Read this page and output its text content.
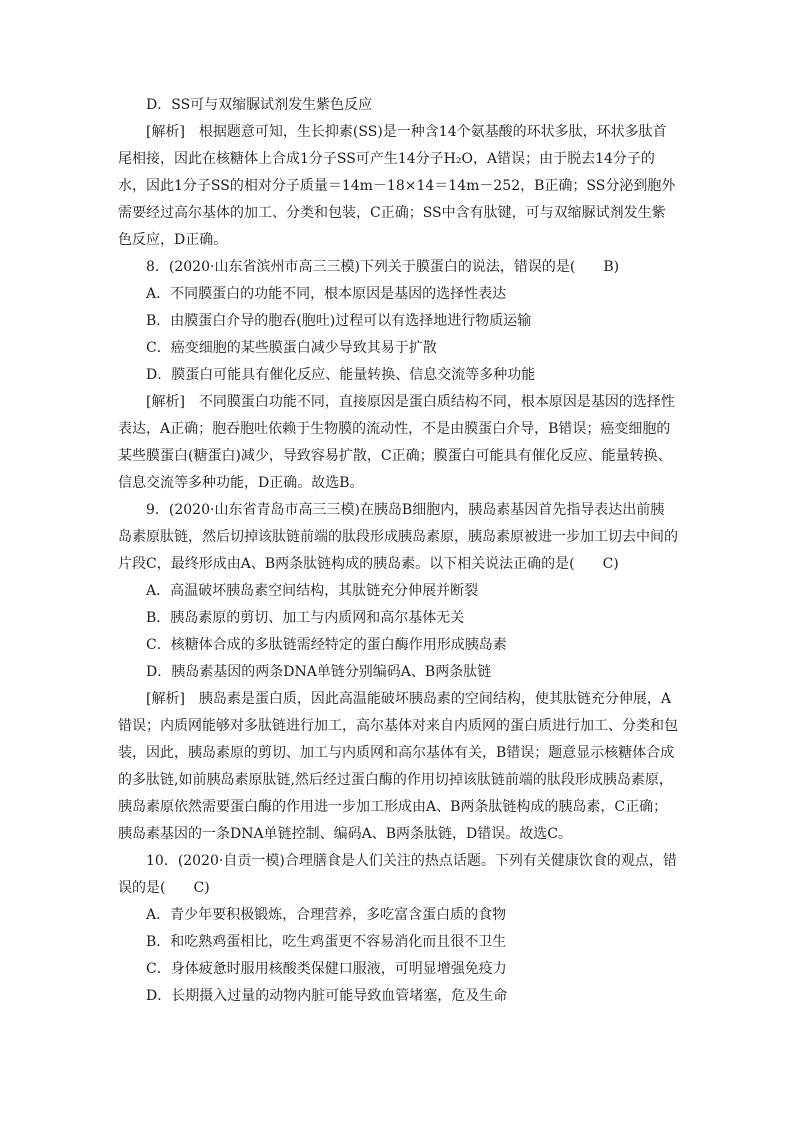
D．SS可与双缩脲试剂发生紫色反应

[解析]　根据题意可知，生长抑素(SS)是一种含14个氨基酸的环状多肽，环状多肽首尾相接，因此在核糖体上合成1分子SS可产生14分子H₂O，A错误；由于脱去14分子的水，因此1分子SS的相对分子质量＝14m－18×14＝14m－252，B正确；SS分泌到胞外需要经过高尔基体的加工、分类和包装，C正确；SS中含有肽键，可与双缩脲试剂发生紫色反应，D正确。

8．(2020·山东省滨州市高三三模)下列关于膜蛋白的说法，错误的是( B)

A．不同膜蛋白的功能不同，根本原因是基因的选择性表达

B．由膜蛋白介导的胞吞(胞吐)过程可以有选择地进行物质运输

C．癌变细胞的某些膜蛋白减少导致其易于扩散

D．膜蛋白可能具有催化反应、能量转换、信息交流等多种功能

[解析]　不同膜蛋白功能不同，直接原因是蛋白质结构不同，根本原因是基因的选择性表达，A正确；胞吞胞吐依赖于生物膜的流动性，不是由膜蛋白介导，B错误；癌变细胞的某些膜蛋白(糖蛋白)减少，导致容易扩散，C正确；膜蛋白可能具有催化反应、能量转换、信息交流等多种功能，D正确。故选B。

9．(2020·山东省青岛市高三三模)在胰岛B细胞内，胰岛素基因首先指导表达出前胰岛素原肽链，然后切掉该肽链前端的肽段形成胰岛素原，胰岛素原被进一步加工切去中间的片段C，最终形成由A、B两条肽链构成的胰岛素。以下相关说法正确的是( C)

A．高温破坏胰岛素空间结构，其肽链充分伸展并断裂

B．胰岛素原的剪切、加工与内质网和高尔基体无关

C．核糖体合成的多肽链需经特定的蛋白酶作用形成胰岛素

D．胰岛素基因的两条DNA单链分别编码A、B两条肽链

[解析]　胰岛素是蛋白质，因此高温能破坏胰岛素的空间结构，使其肽链充分伸展，A错误；内质网能够对多肽链进行加工，高尔基体对来自内质网的蛋白质进行加工、分类和包装，因此，胰岛素原的剪切、加工与内质网和高尔基体有关，B错误；题意显示核糖体合成的多肽链,如前胰岛素原肽链,然后经过蛋白酶的作用切掉该肽链前端的肽段形成胰岛素原，胰岛素原依然需要蛋白酶的作用进一步加工形成由A、B两条肽链构成的胰岛素，C正确；胰岛素基因的一条DNA单链控制、编码A、B两条肽链，D错误。故选C。

10．(2020·自贡一模)合理膳食是人们关注的热点话题。下列有关健康饮食的观点，错误的是( C)

A．青少年要积极锻炼，合理营养，多吃富含蛋白质的食物

B．和吃熟鸡蛋相比，吃生鸡蛋更不容易消化而且很不卫生

C．身体疲惫时服用核酸类保健口服液，可明显增强免疫力

D．长期摄入过量的动物内脏可能导致血管堵塞，危及生命
